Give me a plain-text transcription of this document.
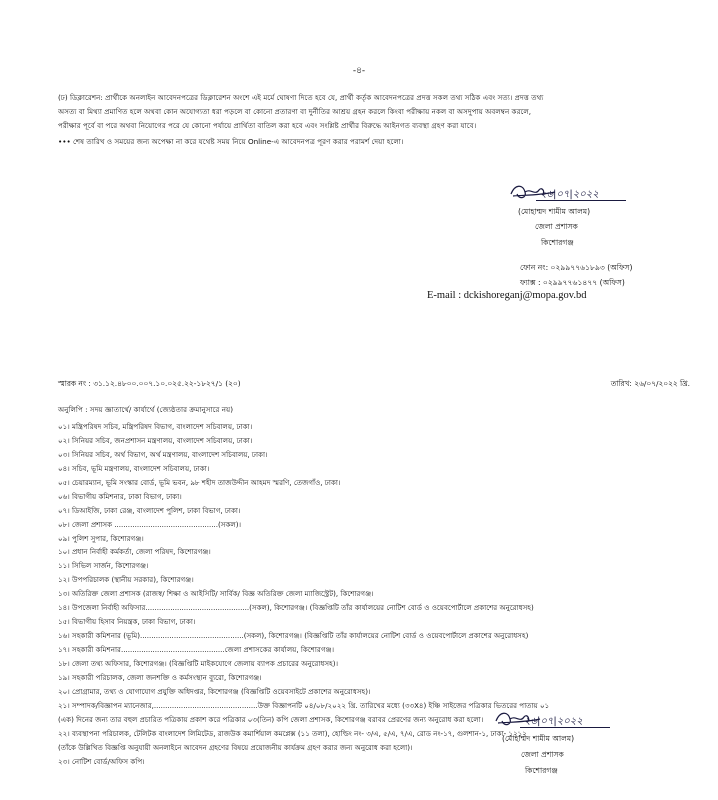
-৪-
(ঢ) ডিক্লারেশন: প্রার্থীকে অনলাইন আবেদনপত্রের ডিক্লারেশন অংশে এই মর্মে ঘোষণা দিতে হবে যে, প্রার্থী কর্তৃক আবেদনপত্রের প্রদত্ত সকল তথ্য সঠিক এবং সত্য। প্রদত্ত তথ্য
অসত্য বা মিথ্যা প্রমাণিত হলে অথবা কোন অযোগ্যতা ধরা পড়লে বা কোনো প্রতারণা বা দুর্নীতির আশ্রয় গ্রহন করলে কিংবা পরীক্ষায় নকল বা অসদুপায় অবলম্বন করলে,
পরীক্ষার পূর্বে বা পরে অথবা নিয়োগের পরে যে কোনো পর্যায়ে প্রার্থিতা বাতিল করা হবে এবং সংশ্লিষ্ট প্রার্থীর বিরুদ্ধে আইনগত ব্যবস্থা গ্রহণ করা যাবে।
••• শেষ তারিখ ও সময়ের জন্য অপেক্ষা না করে যথেষ্ট সময় নিয়ে Online-এ আবেদনপত্র পূরণ করার পরামর্শ দেয়া হলো।
২৬|০৭|২০২২
(মোহাম্মদ শামীম আলম)
জেলা প্রশাসক
কিশোরগঞ্জ
ফোন নং: ০২৯৯৭৭৬১৮৯৩ (অফিস)
ফ্যাক্স : ০২৯৯৭৭৬১৪৭৭ (অফিস)
E-mail : dckishoreganj@mopa.gov.bd
স্মারক নং : ৩১.১২.৪৮০০.০০৭.১০.০২৫.২২-১৮২৭/১ (২০)	তারিখ: ২৬/০৭/২০২২ খ্রি.
অনুলিপি : সদয় জ্ঞাতার্থে/ কার্যার্থে (জ্যেষ্ঠতার ক্রমানুসারে নয়)
০১। মন্ত্রিপরিষদ সচিব, মন্ত্রিপরিষদ বিভাগ, বাংলাদেশ সচিবালয়, ঢাকা।
০২। সিনিয়র সচিব, জনপ্রশাসন মন্ত্রণালয়, বাংলাদেশ সচিবালয়, ঢাকা।
০৩। সিনিয়র সচিব, অর্থ বিভাগ, অর্থ মন্ত্রণালয়, বাংলাদেশ সচিবালয়, ঢাকা।
০৪। সচিব, ভূমি মন্ত্রণালয়, বাংলাদেশ সচিবালয়, ঢাকা।
০৫। চেয়ারম্যান, ভূমি সংস্কার বোর্ড, ভূমি ভবন, ৯৮ শহীদ তাজউদ্দীন আহমদ স্মরণি, তেজগাঁও, ঢাকা।
০৬। বিভাগীয় কমিশনার, ঢাকা বিভাগ, ঢাকা।
০৭। ডিআইজি, ঢাকা রেঞ্জ, বাংলাদেশ পুলিশ, ঢাকা বিভাগ, ঢাকা।
০৮। জেলা প্রশাসক ..............................................(সকল)।
০৯। পুলিশ সুপার, কিশোরগঞ্জ।
১০। প্রধান নির্বাহী কর্মকর্তা, জেলা পরিষদ, কিশোরগঞ্জ।
১১। সিভিল সার্জন, কিশোরগঞ্জ।
১২। উপপরিচালক (স্থানীয় সরকার), কিশোরগঞ্জ।
১৩। অতিরিক্ত জেলা প্রশাসক (রাজস্ব/ শিক্ষা ও আইসিটি/ সার্বিক/ বিজ্ঞ অতিরিক্ত জেলা ম্যাজিস্ট্রেট), কিশোরগঞ্জ।
১৪। উপজেলা নির্বাহী অফিসার..............................................(সকল), কিশোরগঞ্জ। (বিজ্ঞপ্তিটি তাঁর কার্যালয়ের নোটিশ বোর্ড ও ওয়েবপোর্টালে প্রকাশের অনুরোধসহ)
১৫। বিভাগীয় হিসাব নিয়ন্ত্রক, ঢাকা বিভাগ, ঢাকা।
১৬। সহকারী কমিশনার (ভূমি)..............................................(সকল), কিশোরগঞ্জ। (বিজ্ঞপ্তিটি তাঁর কার্যালয়ের নোটিশ বোর্ড ও ওয়েবপোর্টালে প্রকাশের অনুরোধসহ)
১৭। সহকারী কমিশনার..............................................জেলা প্রশাসকের কার্যালয়, কিশোরগঞ্জ।
১৮। জেলা তথ্য অফিসার, কিশোরগঞ্জ। (বিজ্ঞপ্তিটি মাইকযোগে জেলায় ব্যাপক প্রচারের অনুরোধসহ)।
১৯। সহকারী পরিচালক, জেলা জনশক্তি ও কর্মসংস্থান ব্যুরো, কিশোরগঞ্জ।
২০। প্রোগ্রামার, তথ্য ও যোগাযোগ প্রযুক্তি অধিদপ্তর, কিশোরগঞ্জ (বিজ্ঞপ্তিটি ওয়েবসাইটে প্রকাশের অনুরোধসহ)।
২১। সম্পাদক/বিজ্ঞাপন ম্যানেজার,..............................................উক্ত বিজ্ঞাপনটি ০৪/০৮/২০২২ খ্রি. তারিখের মধ্যে (৩৩X৪) ইঞ্চি সাইজের পত্রিকার ভিতরের পাতায় ০১
(এক) দিনের জন্য তার বহুল প্রচারিত পত্রিকায় প্রকাশ করে পত্রিকার ০৩(তিন) কপি জেলা প্রশাসক, কিশোরগঞ্জ বরাবর প্রেরণের জন্য অনুরোধ করা হলো।
২২। ব্যবস্থাপনা পরিচালক, টেলিটক বাংলাদেশ লিমিটেড, রাজউক কমার্শিয়াল কমপ্লেক্স (১১ তলা), হোল্ডিং নং- ৩/এ, ৫/এ, ৭/এ, রোড নং-১৭, গুলশান-১, ঢাকা- ১২১২
(তাঁকে উল্লিখিত বিজ্ঞপ্তি অনুযায়ী অনলাইনে আবেদন গ্রহণের বিষয়ে প্রয়োজনীয় কার্যক্রম গ্রহণ করার জন্য অনুরোধ করা হলো)।
২৩। নোটিশ বোর্ড/অফিস কপি।
২৬|০৭|২০২২
(মোহাম্মদ শামীম আলম)
জেলা প্রশাসক
কিশোরগঞ্জ
